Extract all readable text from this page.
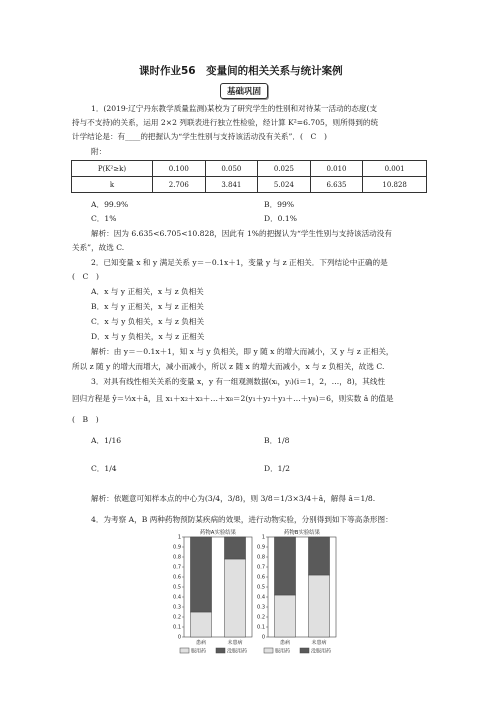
课时作业56　变量间的相关关系与统计案例
基础巩固
1．(2019·辽宁丹东教学质量监测)某校为了研究学生的性别和对待某一活动的态度(支
持与不支持)的关系，运用 2×2 列联表进行独立性检验，经计算 K²=6.705，则所得到的统
计学结论是：有____的把握认为“学生性别与支持该活动没有关系”．(　C　)
附：
P(K²≥k)	0.100	0.050	0.025	0.010	0.001
k	2.706	3.841	5.024	6.635	10.828
A．99.9%	B．99%
C．1%	D．0.1%
解析：因为 6.635<6.705<10.828，因此有 1%的把握认为“学生性别与支持该活动没有
关系”，故选 C.
2．已知变量 x 和 y 满足关系 y＝－0.1x＋1，变量 y 与 z 正相关．下列结论中正确的是
(　C　)
A．x 与 y 正相关，x 与 z 负相关
B．x 与 y 正相关，x 与 z 正相关
C．x 与 y 负相关，x 与 z 负相关
D．x 与 y 负相关，x 与 z 正相关
解析：由 y＝－0.1x＋1，知 x 与 y 负相关，即 y 随 x 的增大而减小，又 y 与 z 正相关，
所以 z 随 y 的增大而增大，减小而减小，所以 z 随 x 的增大而减小，x 与 z 负相关，故选 C.
3．对具有线性相关关系的变量 x，y 有一组观测数据(xᵢ，yᵢ)(i＝1，2，…，8)，其线性
回归方程是 ŷ＝⅓x＋â，且 x₁＋x₂＋x₃＋…＋x₈＝2(y₁＋y₂＋y₃＋…＋y₈)＝6，则实数 â 的值是
(　B　)
A．1/16	B．1/8
C．1/4	D．1/2
解析：依题意可知样本点的中心为(3/4，3/8)，则 3/8＝1/3×3/4＋â，解得 â＝1/8.
4．为考察 A，B 两种药物预防某疾病的效果，进行动物实验，分别得到如下等高条形图：
药物A实验结果
0
0.1
0.2
0.3
0.4
0.5
0.6
0.7
0.8
0.9
1
患病	未患病
服用药	没服用药
药物B实验结果
0
0.1
0.2
0.3
0.4
0.5
0.6
0.7
0.8
0.9
1
患病	未患病
服用药	没服用药
